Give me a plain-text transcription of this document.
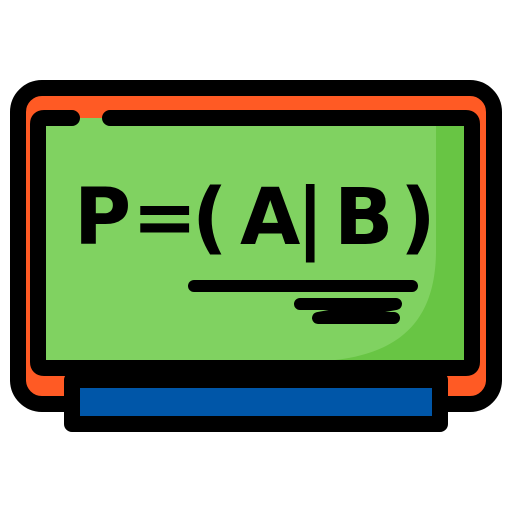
P =
( A
| B )
